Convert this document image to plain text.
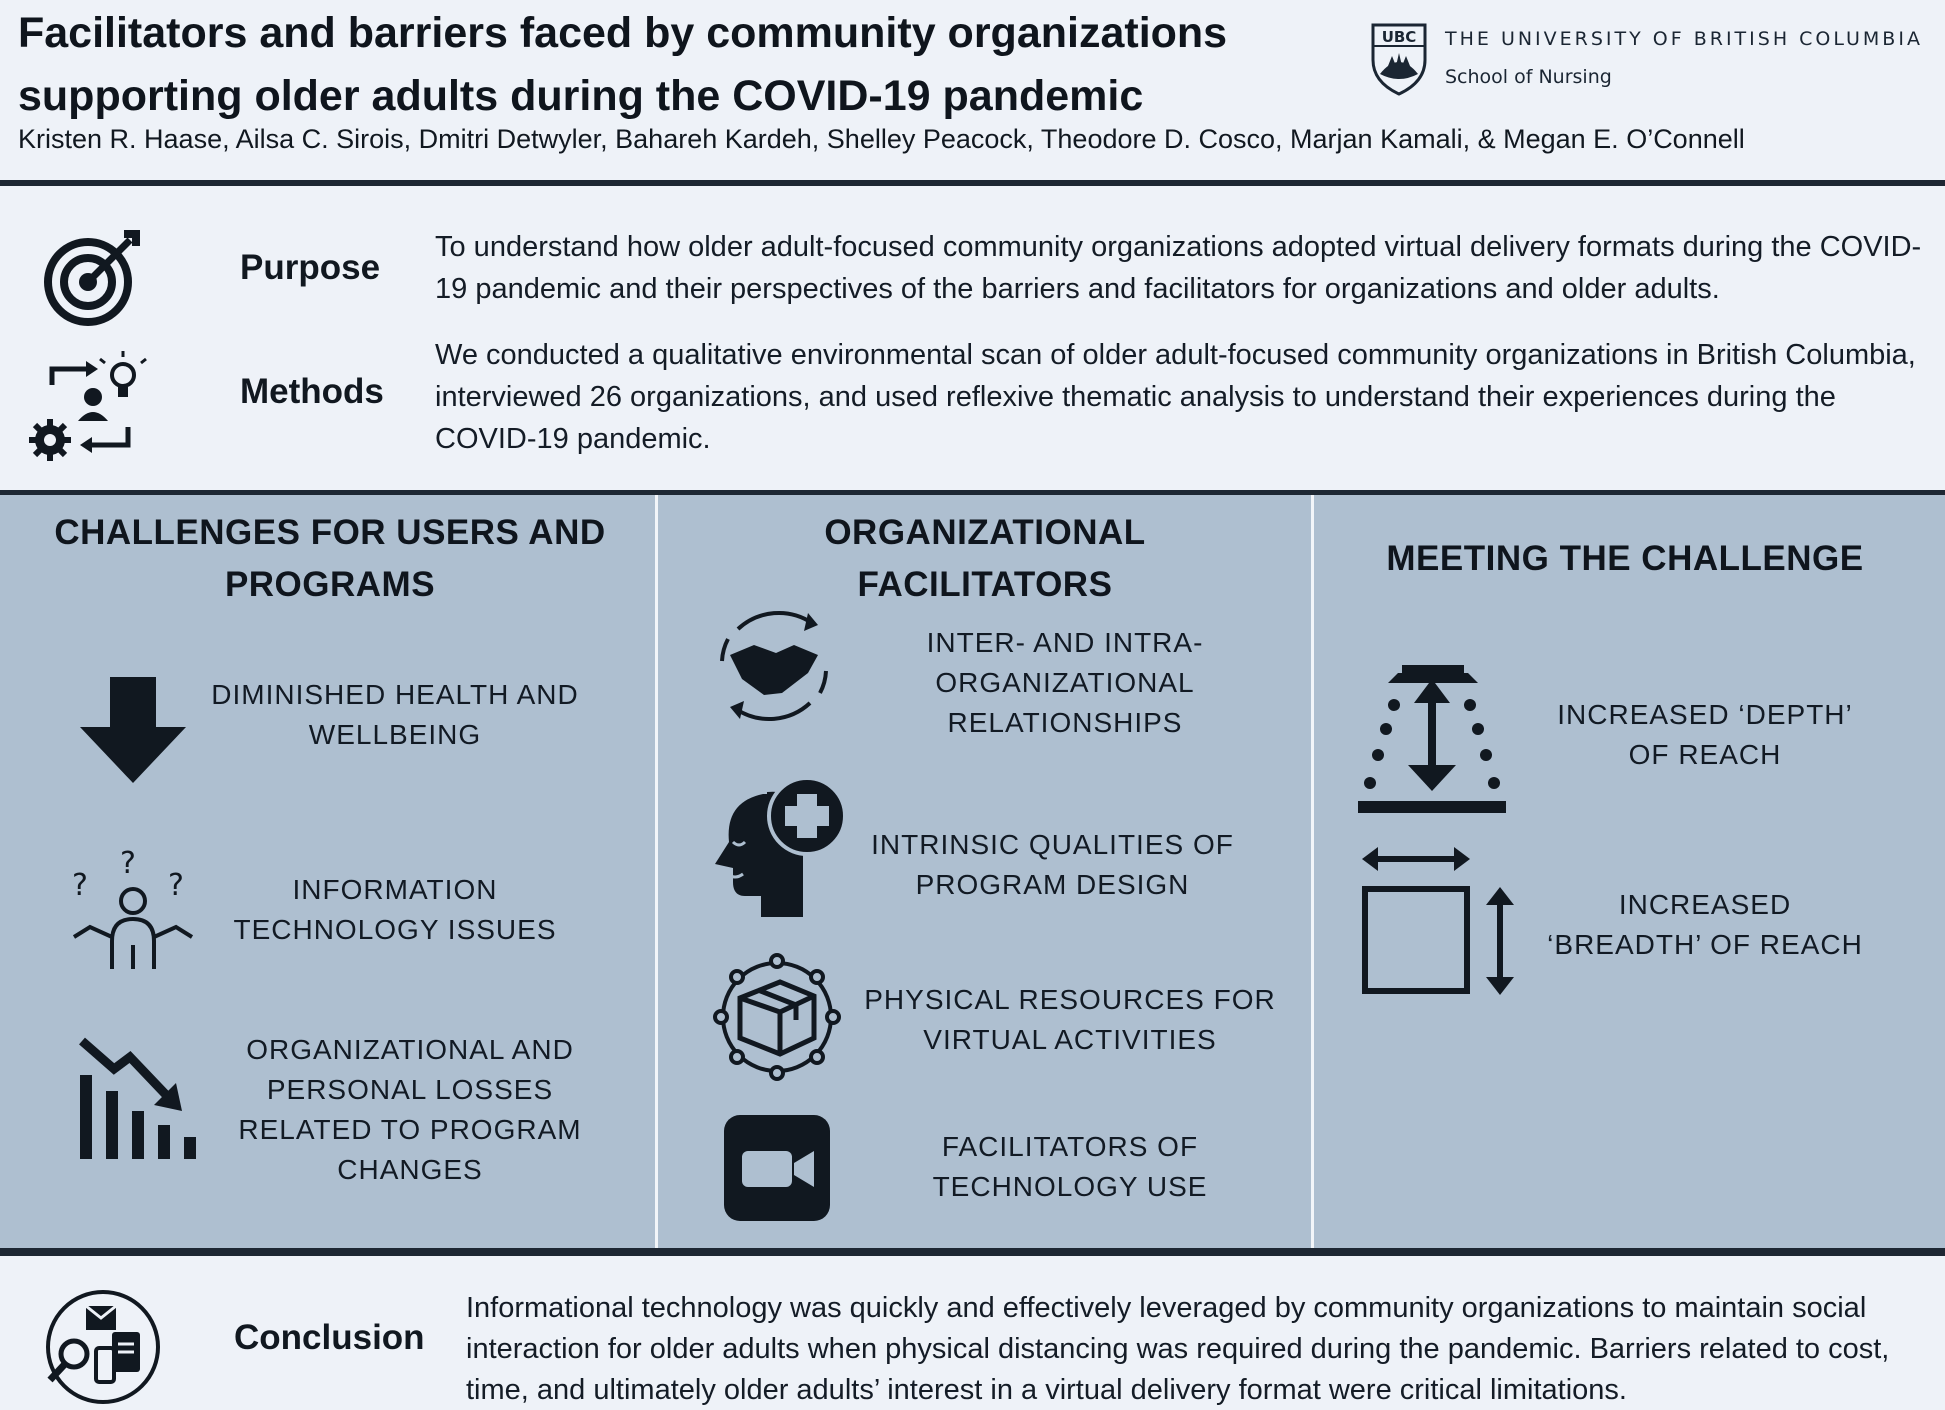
Facilitators and barriers faced by community organizations supporting older adults during the COVID-19 pandemic
Kristen R. Haase, Ailsa C. Sirois, Dmitri Detwyler, Bahareh Kardeh, Shelley Peacock, Theodore D. Cosco, Marjan Kamali, & Megan E. O’Connell
UBC THE UNIVERSITY OF BRITISH COLUMBIA
School of Nursing
Purpose
To understand how older adult-focused community organizations adopted virtual delivery formats during the COVID-19 pandemic and their perspectives of the barriers and facilitators for organizations and older adults.
Methods
We conducted a qualitative environmental scan of older adult-focused community organizations in British Columbia, interviewed 26 organizations, and used reflexive thematic analysis to understand their experiences during the COVID-19 pandemic.
CHALLENGES FOR USERS AND PROGRAMS
DIMINISHED HEALTH AND WELLBEING
?
?
?	INFORMATION TECHNOLOGY ISSUES
ORGANIZATIONAL AND PERSONAL LOSSES RELATED TO PROGRAM CHANGES
ORGANIZATIONAL FACILITATORS
INTER- AND INTRA-ORGANIZATIONAL RELATIONSHIPS
INTRINSIC QUALITIES OF PROGRAM DESIGN
PHYSICAL RESOURCES FOR VIRTUAL ACTIVITIES
FACILITATORS OF TECHNOLOGY USE
MEETING THE CHALLENGE
INCREASED ‘DEPTH’ OF REACH
INCREASED ‘BREADTH’ OF REACH
Conclusion
Informational technology was quickly and effectively leveraged by community organizations to maintain social interaction for older adults when physical distancing was required during the pandemic. Barriers related to cost, time, and ultimately older adults’ interest in a virtual delivery format were critical limitations.
